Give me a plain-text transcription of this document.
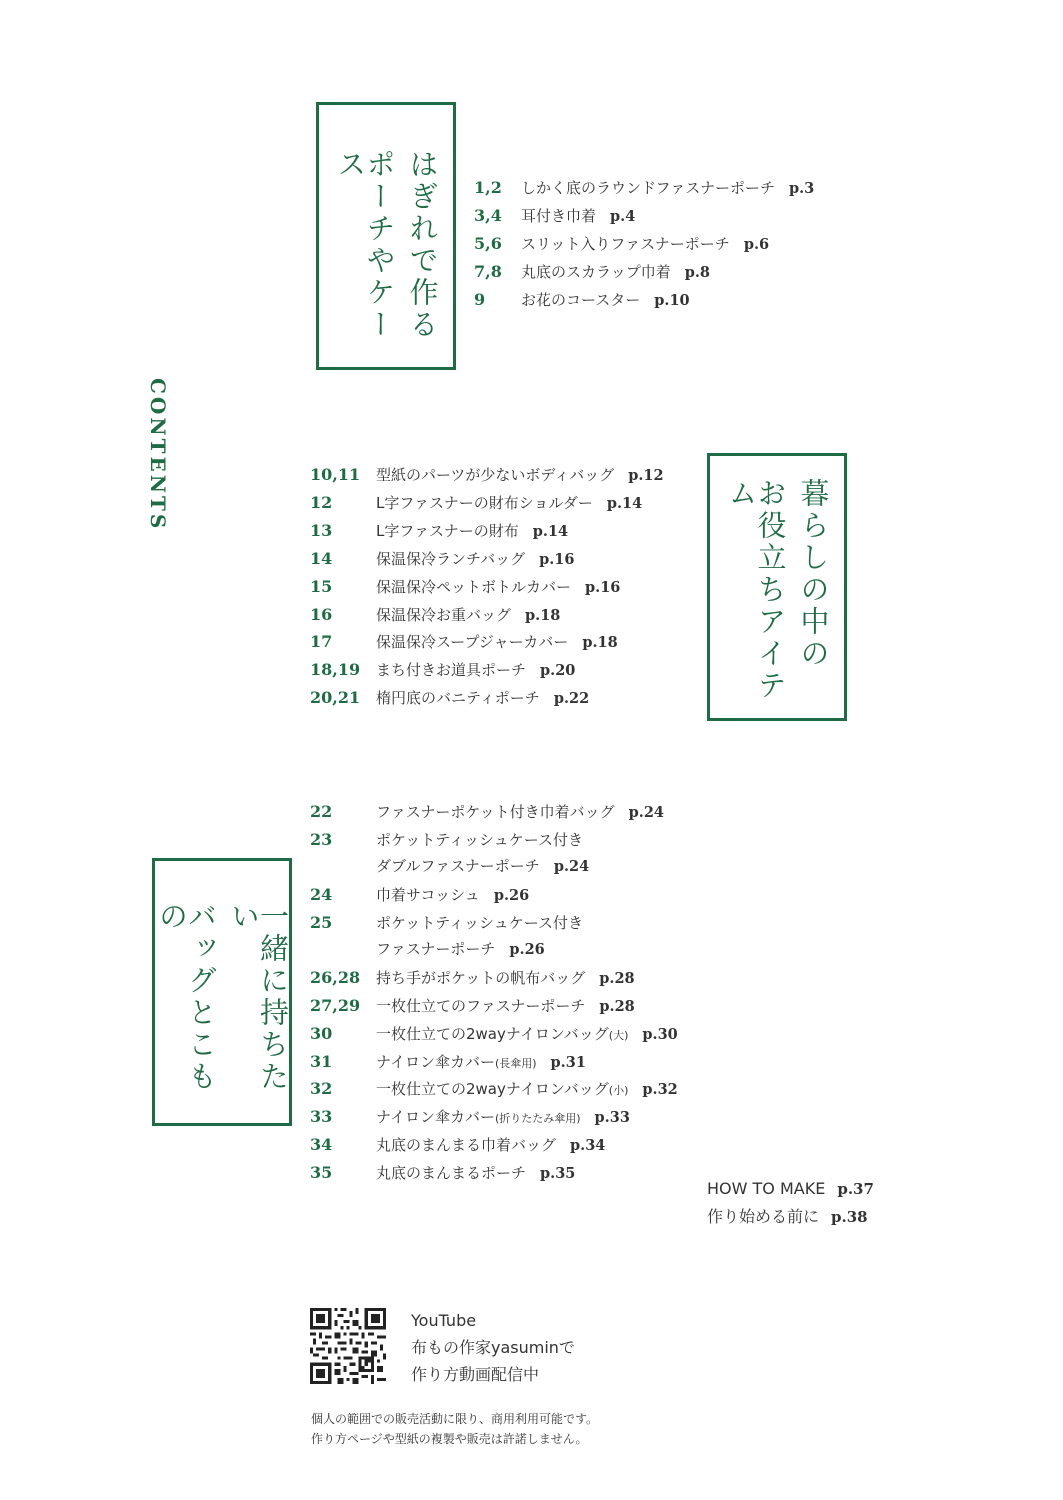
CONTENTS
はぎれで作る
ポーチやケース
暮らしの中の
お役立ちアイテム
一緒に持ちたい
バッグとこもの
1,2 しかく底のラウンドファスナーポーチ p.3
3,4 耳付き巾着 p.4
5,6 スリット入りファスナーポーチ p.6
7,8 丸底のスカラップ巾着 p.8
9 お花のコースター p.10
10,11 型紙のパーツが少ないボディバッグ p.12
12	L字ファスナーの財布ショルダー p.14
13	L字ファスナーの財布 p.14
14	保温保冷ランチバッグ p.16
15	保温保冷ペットボトルカバー p.16
16	保温保冷お重バッグ p.18
17	保温保冷スープジャーカバー p.18
18,19 まち付きお道具ポーチ p.20
20,21 楕円底のバニティポーチ p.22
22	ファスナーポケット付き巾着バッグ p.24
23	ポケットティッシュケース付き
ダブルファスナーポーチ p.24
24	巾着サコッシュ p.26
25	ポケットティッシュケース付き
ファスナーポーチ p.26
26,28 持ち手がポケットの帆布バッグ p.28
27,29 一枚仕立てのファスナーポーチ p.28
30	一枚仕立ての2wayナイロンバッグ(大) p.30
31	ナイロン傘カバー(長傘用) p.31
32	一枚仕立ての2wayナイロンバッグ(小) p.32
33	ナイロン傘カバー(折りたたみ傘用) p.33
34	丸底のまんまる巾着バッグ p.34
35	丸底のまんまるポーチ p.35
HOW TO MAKE p.37
作り始める前に p.38
YouTube
布もの作家yasuminで
作り方動画配信中
個人の範囲での販売活動に限り、商用利用可能です。
作り方ページや型紙の複製や販売は許諾しません。
